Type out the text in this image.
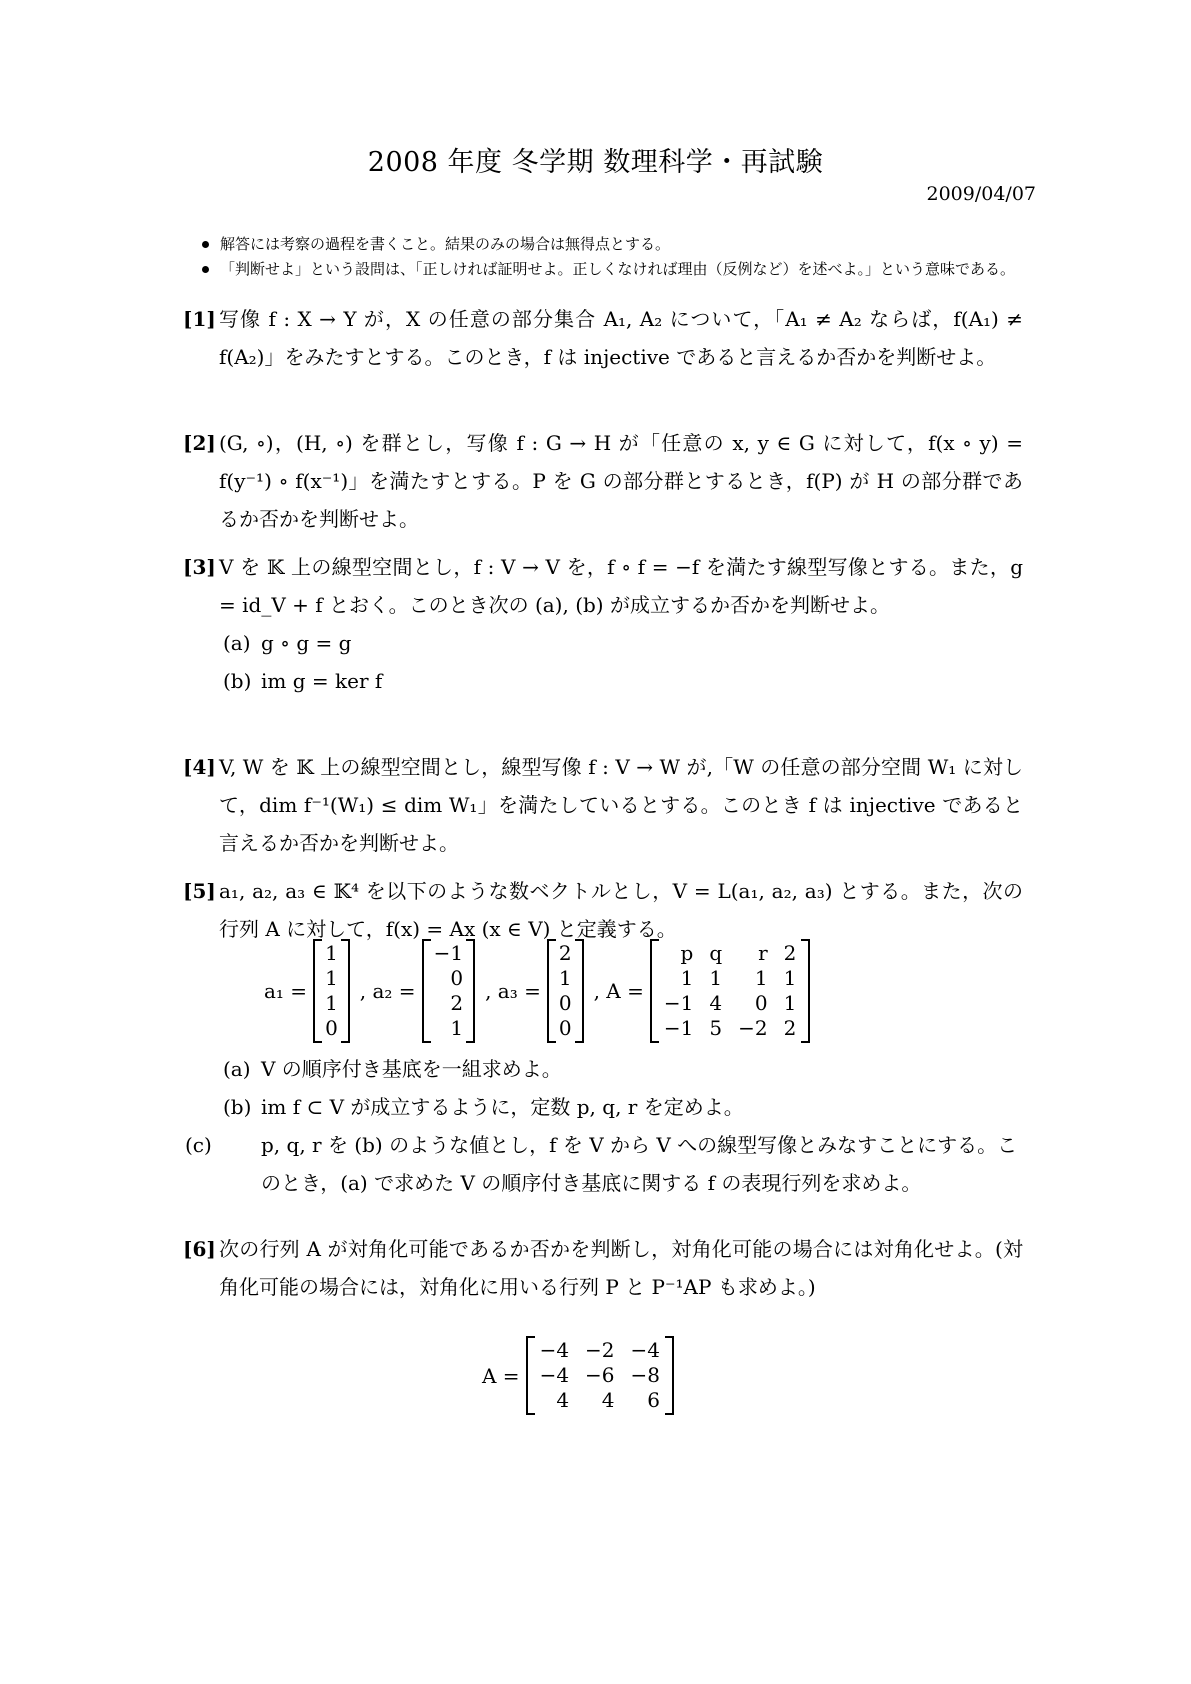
2008 年度 冬学期 数理科学・再試験
2009/04/07
解答には考察の過程を書くこと。結果のみの場合は無得点とする。
「判断せよ」という設問は、「正しければ証明せよ。正しくなければ理由（反例など）を述べよ。」という意味である。
[1] 写像 f : X → Y が，X の任意の部分集合 A₁, A₂ について，「A₁ ≠ A₂ ならば，f(A₁) ≠ f(A₂)」をみたすとする。このとき，f は injective であると言えるか否かを判断せよ。
[2] (G, ∘)，(H, ∘) を群とし，写像 f : G → H が「任意の x, y ∈ G に対して，f(x ∘ y) = f(y⁻¹) ∘ f(x⁻¹)」を満たすとする。P を G の部分群とするとき，f(P) が H の部分群であるか否かを判断せよ。
[3] V を 𝕂 上の線型空間とし，f : V → V を，f ∘ f = −f を満たす線型写像とする。また，g = id_V + f とおく。このとき次の (a), (b) が成立するか否かを判断せよ。
(a) g ∘ g = g
(b) im g = ker f
[4] V, W を 𝕂 上の線型空間とし，線型写像 f : V → W が,「W の任意の部分空間 W₁ に対して，dim f⁻¹(W₁) ≤ dim W₁」を満たしているとする。このとき f は injective であると言えるか否かを判断せよ。
[5] a₁, a₂, a₃ ∈ 𝕂⁴ を以下のような数ベクトルとし，V = L(a₁, a₂, a₃) とする。また，次の行列 A に対して，f(x) = Ax (x ∈ V) と定義する。
a₁ =
1
1
1
0
, a₂ =
−1
0
2
1
, a₃ =
2
1
0
0
, A =
p q	r 2
1 1	1 1
−1 4	0 1
−1 5 −2 2
(a) V の順序付き基底を一組求めよ。
(b) im f ⊂ V が成立するように，定数 p, q, r を定めよ。
(c) p, q, r を (b) のような値とし，f を V から V への線型写像とみなすことにする。このとき，(a) で求めた V の順序付き基底に関する f の表現行列を求めよ。
[6] 次の行列 A が対角化可能であるか否かを判断し，対角化可能の場合には対角化せよ。(対角化可能の場合には，対角化に用いる行列 P と P⁻¹AP も求めよ。)
A =
−4 −2 −4
−4 −6 −8
4	4	6
